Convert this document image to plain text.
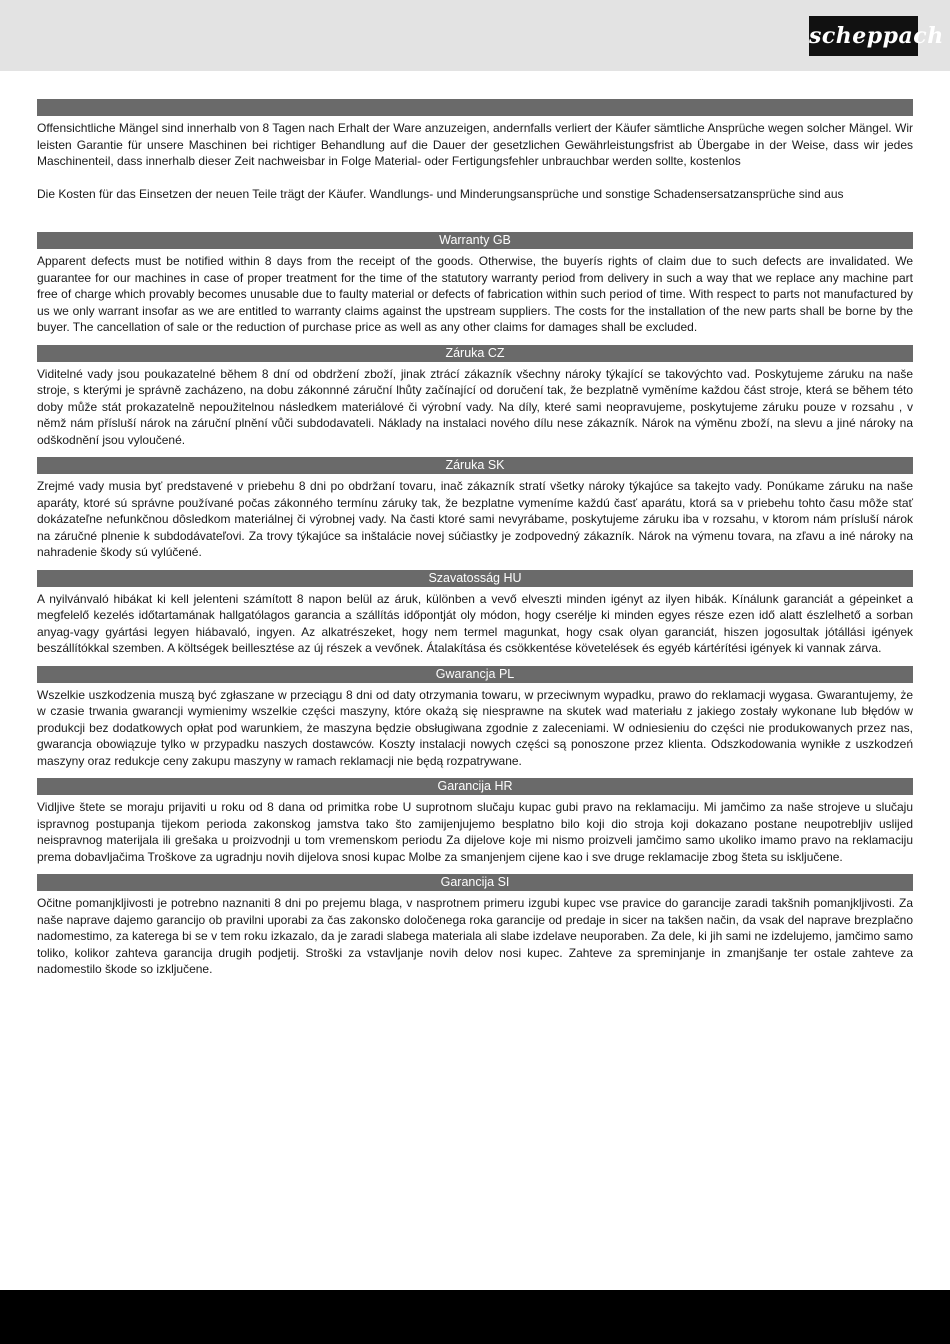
scheppach

Offensichtliche Mängel sind innerhalb von 8 Tagen nach Erhalt der Ware anzuzeigen, andernfalls verliert der Käufer sämtliche Ansprüche wegen solcher Mängel. Wir leisten Garantie für unsere Maschinen bei richtiger Behandlung auf die Dauer der gesetzlichen Gewährleistungsfrist ab Übergabe in der Weise, dass wir jedes Maschinenteil, dass innerhalb dieser Zeit nachweisbar in Folge Material- oder Fertigungsfehler unbrauchbar werden sollte, kostenlos

Die Kosten für das Einsetzen der neuen Teile trägt der Käufer. Wandlungs- und Minderungsansprüche und sonstige Schadensersatzansprüche sind aus

Warranty GB

Apparent defects must be notified within 8 days from the receipt of the goods. Otherwise, the buyerís rights of claim due to such defects are invalidated. We guarantee for our machines in case of proper treatment for the time of the statutory warranty period from delivery in such a way that we replace any machine part free of charge which provably becomes unusable due to faulty material or defects of fabrication within such period of time. With respect to parts not manufactured by us we only warrant insofar as we are entitled to warranty claims against the upstream suppliers. The costs for the installation of the new parts shall be borne by the buyer. The cancellation of sale or the reduction of purchase price as well as any other claims for damages shall be excluded.

Záruka CZ

Viditelné vady jsou poukazatelné během 8 dní od obdržení zboží, jinak ztrácí zákazník všechny nároky týkající se takovýchto vad. Poskytujeme záruku na naše stroje, s kterými je správně zacházeno, na dobu zákonnné záruční lhůty začínající od doručení tak, že bezplatně vyměníme každou část stroje, která se během této doby může stát prokazatelně nepoužitelnou následkem materiálové či výrobní vady. Na díly, které sami neopravujeme, poskytujeme záruku pouze v rozsahu , v němž nám přísluší nárok na záruční plnění vůči subdodavateli. Náklady na instalaci nového dílu nese zákazník. Nárok na výměnu zboží, na slevu a jiné nároky na odškodnění jsou vyloučené.

Záruka SK

Zrejmé vady musia byť predstavené v priebehu 8 dni po obdržaní tovaru, inač zákazník stratí všetky nároky týkajúce sa takejto vady. Ponúkame záruku na naše aparáty, ktoré sú správne používané počas zákonného termínu záruky tak, že bezplatne vymeníme každú časť aparátu, ktorá sa v priebehu tohto času môže stať dokázateľne nefunkčnou dôsledkom materiálnej či výrobnej vady. Na časti ktoré sami nevyrábame, poskytujeme záruku iba v rozsahu, v ktorom nám prísluší nárok na záručné plnenie k subdodávateľovi. Za trovy týkajúce sa inštalácie novej súčiastky je zodpovedný zákazník. Nárok na výmenu tovara, na zľavu a iné nároky na nahradenie škody sú vylúčené.

Szavatosság HU

A nyilvánvaló hibákat ki kell jelenteni számított 8 napon belül az áruk, különben a vevő elveszti minden igényt az ilyen hibák. Kínálunk garanciát a gépeinket a megfelelő kezelés időtartamának hallgatólagos garancia a szállítás időpontját oly módon, hogy cserélje ki minden egyes része ezen idő alatt észlelhető a sorban anyag-vagy gyártási legyen hiábavaló, ingyen. Az alkatrészeket, hogy nem termel magunkat, hogy csak olyan garanciát, hiszen jogosultak jótállási igények beszállítókkal szemben. A költségek beillesztése az új részek a vevőnek. Átalakítása és csökkentése követelések és egyéb kártérítési igények ki vannak zárva.

Gwarancja PL

Wszelkie uszkodzenia muszą być zgłaszane w przeciągu 8 dni od daty otrzymania towaru, w przeciwnym wypadku, prawo do reklamacji wygasa. Gwarantujemy, że w czasie trwania gwarancji wymienimy wszelkie części maszyny, które okażą się niesprawne na skutek wad materiału z jakiego zostały wykonane lub błędów w produkcji bez dodatkowych opłat pod warunkiem, że maszyna będzie obsługiwana zgodnie z zaleceniami. W odniesieniu do części nie produkowanych przez nas, gwarancja obowiązuje tylko w przypadku naszych dostawców. Koszty instalacji nowych części są ponoszone przez klienta. Odszkodowania wynikłe z uszkodzeń maszyny oraz redukcje ceny zakupu maszyny w ramach reklamacji nie będą rozpatrywane.

Garancija HR

Vidljive štete se moraju prijaviti u roku od 8 dana od primitka robe U suprotnom slučaju kupac gubi pravo na reklamaciju. Mi jamčimo za naše strojeve u slučaju ispravnog postupanja tijekom perioda zakonskog jamstva tako što zamijenjujemo besplatno bilo koji dio stroja koji dokazano postane neupotrebljiv uslijed neispravnog materijala ili grešaka u proizvodnji u tom vremenskom periodu Za dijelove koje mi nismo proizveli jamčimo samo ukoliko imamo pravo na reklamaciju prema dobavljačima Troškove za ugradnju novih dijelova snosi kupac Molbe za smanjenjem cijene kao i sve druge reklamacije zbog šteta su isključene.

Garancija SI

Očitne pomanjkljivosti je potrebno naznaniti 8 dni po prejemu blaga, v nasprotnem primeru izgubi kupec vse pravice do garancije zaradi takšnih pomanjkljivosti. Za naše naprave dajemo garancijo ob pravilni uporabi za čas zakonsko določenega roka garancije od predaje in sicer na takšen način, da vsak del naprave brezplačno nadomestimo, za katerega bi se v tem roku izkazalo, da je zaradi slabega materiala ali slabe izdelave neuporaben. Za dele, ki jih sami ne izdelujemo, jamčimo samo toliko, kolikor zahteva garancija drugih podjetij. Stroški za vstavljanje novih delov nosi kupec. Zahteve za spreminjanje in zmanjšanje ter ostale zahteve za nadomestilo škode so izključene.
